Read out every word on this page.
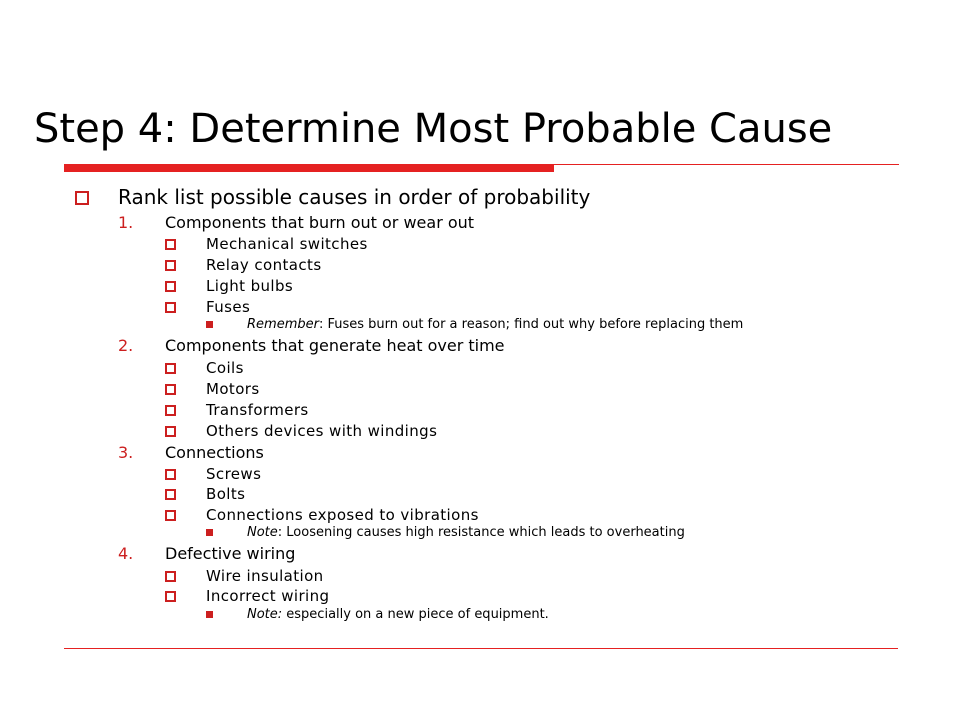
Step 4: Determine Most Probable Cause
Rank list possible causes in order of probability
1. Components that burn out or wear out
Mechanical switches
Relay contacts
Light bulbs
Fuses
Remember: Fuses burn out for a reason; find out why before replacing them
2. Components that generate heat over time
Coils
Motors
Transformers
Others devices with windings
3. Connections
Screws
Bolts
Connections exposed to vibrations
Note: Loosening causes high resistance which leads to overheating
4. Defective wiring
Wire insulation
Incorrect wiring
Note: especially on a new piece of equipment.
